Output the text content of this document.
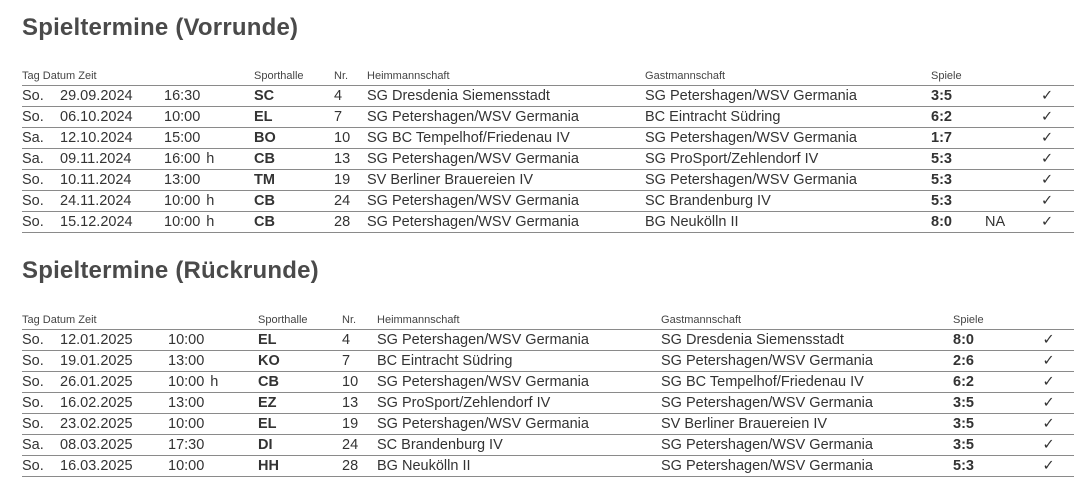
Spieltermine (Vorrunde)
Tag Datum Zeit			Sporthalle	Nr.	Heimmannschaft	Gastmannschaft	Spiele		
So.	29.09.2024	16:30	SC	4	SG Dresdenia Siemensstadt	SG Petershagen/WSV Germania	3:5		✓
So.	06.10.2024	10:00	EL	7	SG Petershagen/WSV Germania	BC Eintracht Südring	6:2		✓
Sa.	12.10.2024	15:00	BO	10	SG BC Tempelhof/Friedenau IV	SG Petershagen/WSV Germania	1:7		✓
Sa.	09.11.2024	16:00 h	CB	13	SG Petershagen/WSV Germania	SG ProSport/Zehlendorf IV	5:3		✓
So.	10.11.2024	13:00	TM	19	SV Berliner Brauereien IV	SG Petershagen/WSV Germania	5:3		✓
So.	24.11.2024	10:00 h	CB	24	SG Petershagen/WSV Germania	SC Brandenburg IV	5:3		✓
So.	15.12.2024	10:00 h	CB	28	SG Petershagen/WSV Germania	BG Neukölln II	8:0	NA	✓
Spieltermine (Rückrunde)
Tag Datum Zeit			Sporthalle	Nr.	Heimmannschaft	Gastmannschaft	Spiele		
So.	12.01.2025	10:00	EL	4	SG Petershagen/WSV Germania	SG Dresdenia Siemensstadt	8:0		✓
So.	19.01.2025	13:00	KO	7	BC Eintracht Südring	SG Petershagen/WSV Germania	2:6		✓
So.	26.01.2025	10:00 h	CB	10	SG Petershagen/WSV Germania	SG BC Tempelhof/Friedenau IV	6:2		✓
So.	16.02.2025	13:00	EZ	13	SG ProSport/Zehlendorf IV	SG Petershagen/WSV Germania	3:5		✓
So.	23.02.2025	10:00	EL	19	SG Petershagen/WSV Germania	SV Berliner Brauereien IV	3:5		✓
Sa.	08.03.2025	17:30	DI	24	SC Brandenburg IV	SG Petershagen/WSV Germania	3:5		✓
So.	16.03.2025	10:00	HH	28	BG Neukölln II	SG Petershagen/WSV Germania	5:3		✓
